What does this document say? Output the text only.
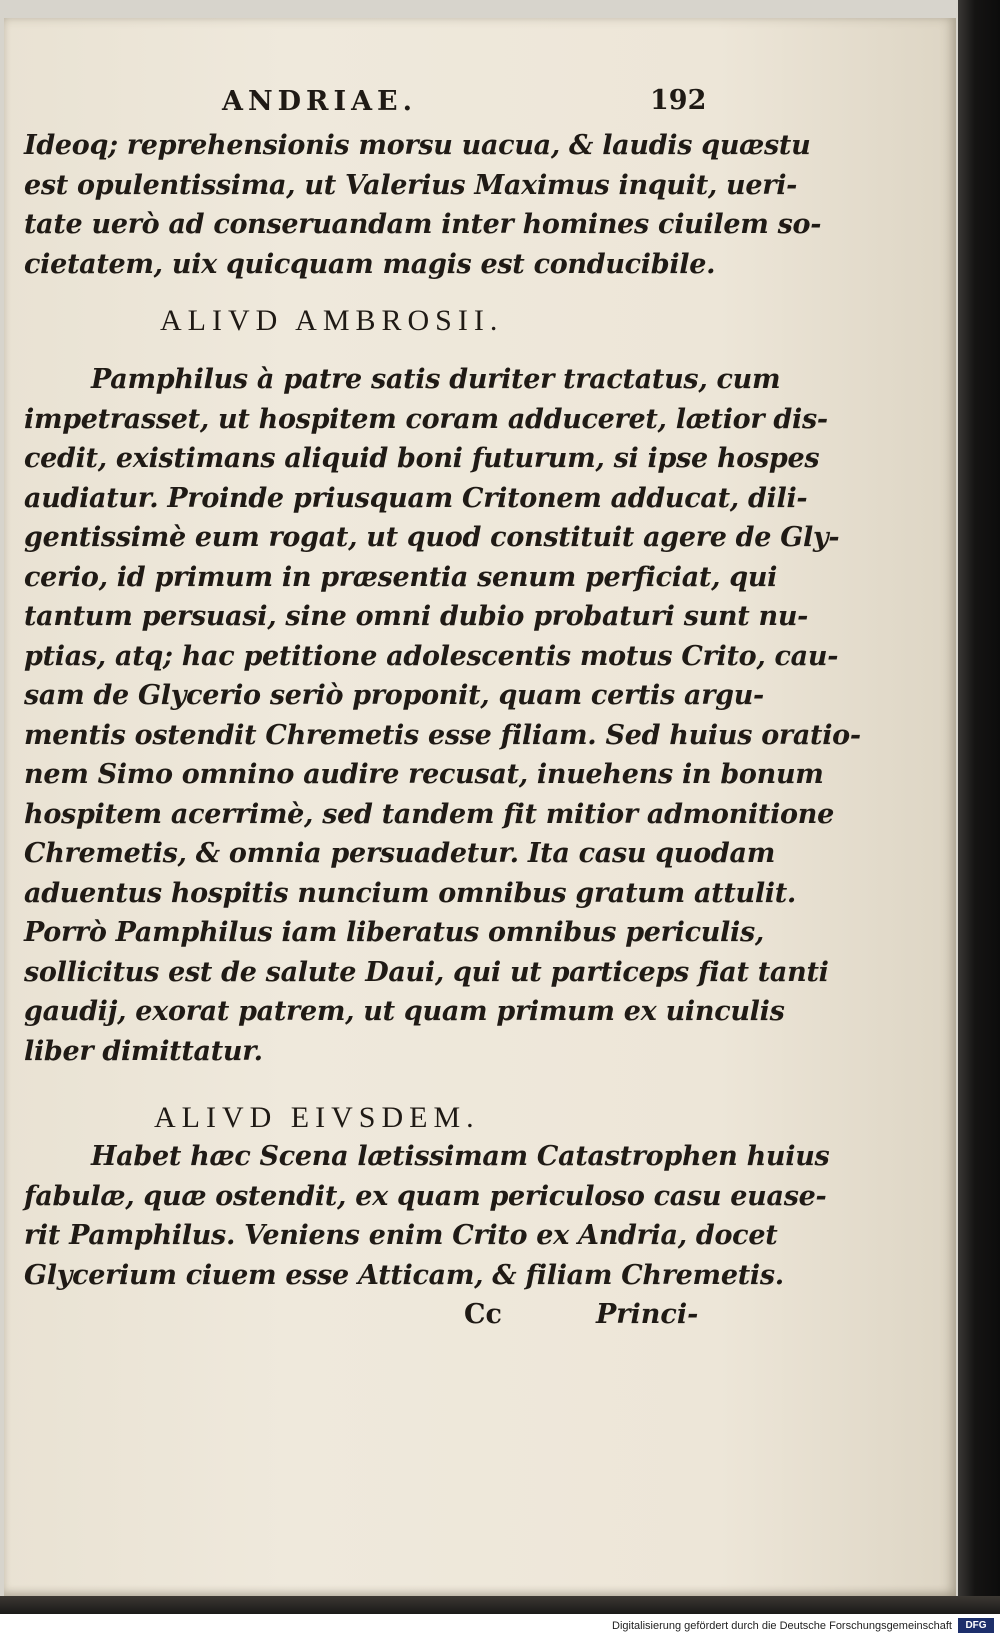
ANDRIAE.	192

Ideoq; reprehensionis morsu uacua, & laudis quæstu
est opulentissima, ut Valerius Maximus inquit, ueri-
tate uerò ad conseruandam inter homines ciuilem so-
cietatem, uix quicquam magis est conducibile.

ALIVD AMBROSII.

Pamphilus à patre satis duriter tractatus, cum
impetrasset, ut hospitem coram adduceret, lætior dis-
cedit, existimans aliquid boni futurum, si ipse hospes
audiatur. Proinde priusquam Critonem adducat, dili-
gentissimè eum rogat, ut quod constituit agere de Gly-
cerio, id primum in præsentia senum perficiat, qui
tantum persuasi, sine omni dubio probaturi sunt nu-
ptias, atq; hac petitione adolescentis motus Crito, cau-
sam de Glycerio seriò proponit, quam certis argu-
mentis ostendit Chremetis esse filiam. Sed huius oratio-
nem Simo omnino audire recusat, inuehens in bonum
hospitem acerrimè, sed tandem fit mitior admonitione
Chremetis, & omnia persuadetur. Ita casu quodam
aduentus hospitis nuncium omnibus gratum attulit.
Porrò Pamphilus iam liberatus omnibus periculis,
sollicitus est de salute Daui, qui ut particeps fiat tanti
gaudij, exorat patrem, ut quam primum ex uinculis
liber dimittatur.

ALIVD EIVSDEM.

Habet hæc Scena lætissimam Catastrophen huius
fabulæ, quæ ostendit, ex quam periculoso casu euase-
rit Pamphilus. Veniens enim Crito ex Andria, docet
Glycerium ciuem esse Atticam, & filiam Chremetis.

Cc	Princi-
Digitalisierung gefördert durch die Deutsche Forschungsgemeinschaft	DFG
